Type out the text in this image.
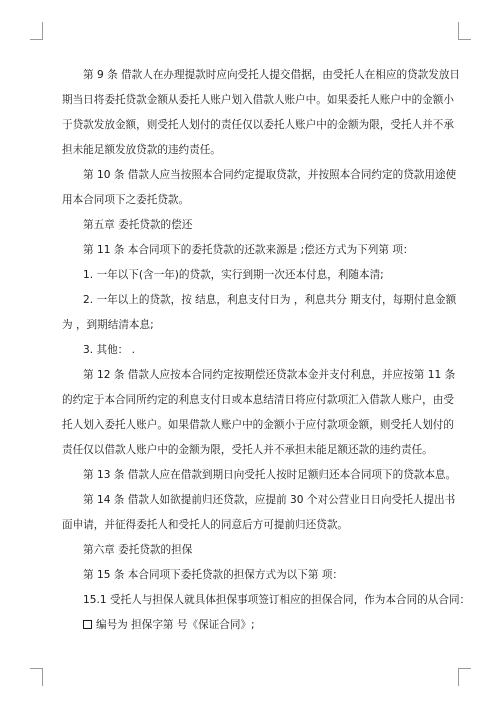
第 9 条 借款人在办理提款时应向受托人提交借据，由受托人在相应的贷款发放日

期当日将委托贷款金额从委托人账户划入借款人账户中。如果委托人账户中的金额小

于贷款发放金额，则受托人划付的责任仅以委托人账户中的金额为限，受托人并不承

担未能足额发放贷款的违约责任。

第 10 条 借款人应当按照本合同约定提取贷款，并按照本合同约定的贷款用途使

用本合同项下之委托贷款。

第五章 委托贷款的偿还

第 11 条 本合同项下的委托贷款的还款来源是 ;偿还方式为下列第 项：

1. 一年以下(含一年)的贷款，实行到期一次还本付息，利随本清;

2. 一年以上的贷款，按 结息，利息支付日为 ，利息共分 期支付，每期付息金额

为 ，到期结清本息;

3. 其他： .

第 12 条 借款人应按本合同约定按期偿还贷款本金并支付利息，并应按第 11 条

的约定于本合同所约定的利息支付日或本息结清日将应付款项汇入借款人账户，由受

托人划入委托人账户。如果借款人账户中的金额小于应付款项金额，则受托人划付的

责任仅以借款人账户中的金额为限，受托人并不承担未能足额还款的违约责任。

第 13 条 借款人应在借款到期日向受托人按时足额归还本合同项下的贷款本息。

第 14 条 借款人如欲提前归还贷款，应提前 30 个对公营业日日向受托人提出书

面申请，并征得委托人和受托人的同意后方可提前归还贷款。

第六章 委托贷款的担保

第 15 条 本合同项下委托贷款的担保方式为以下第 项：

15.1 受托人与担保人就具体担保事项签订相应的担保合同，作为本合同的从合同：

编号为 担保字第 号《保证合同》;
